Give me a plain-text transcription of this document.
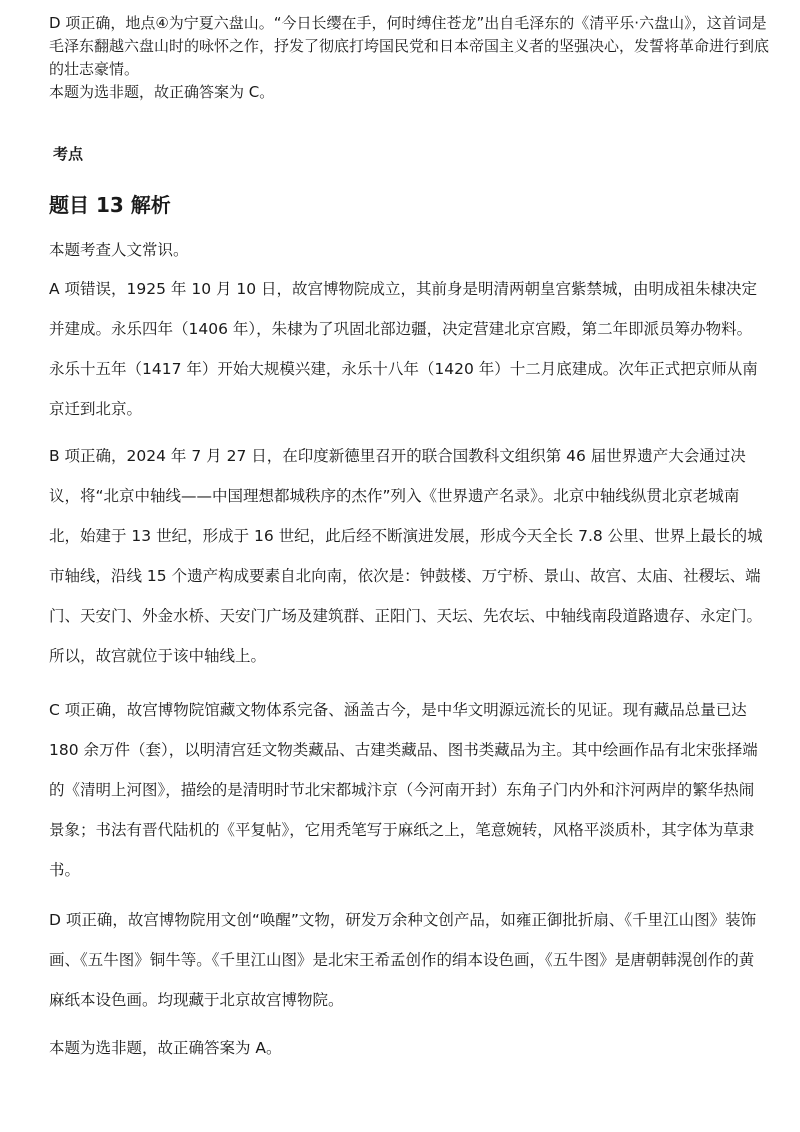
D 项正确，地点④为宁夏六盘山。“今日长缨在手，何时缚住苍龙”出自毛泽东的《清平乐·六盘山》，这首词是毛泽东翻越六盘山时的咏怀之作，抒发了彻底打垮国民党和日本帝国主义者的坚强决心，发誓将革命进行到底的壮志豪情。

本题为选非题，故正确答案为 C。

考点
题目 13 解析

本题考查人文常识。

A 项错误，1925 年 10 月 10 日，故宫博物院成立，其前身是明清两朝皇宫紫禁城，由明成祖朱棣决定并建成。永乐四年（1406 年），朱棣为了巩固北部边疆，决定营建北京宫殿，第二年即派员筹办物料。永乐十五年（1417 年）开始大规模兴建，永乐十八年（1420 年）十二月底建成。次年正式把京师从南京迁到北京。

B 项正确，2024 年 7 月 27 日，在印度新德里召开的联合国教科文组织第 46 届世界遗产大会通过决议，将“北京中轴线——中国理想都城秩序的杰作”列入《世界遗产名录》。北京中轴线纵贯北京老城南北，始建于 13 世纪，形成于 16 世纪，此后经不断演进发展，形成今天全长 7.8 公里、世界上最长的城市轴线，沿线 15 个遗产构成要素自北向南，依次是：钟鼓楼、万宁桥、景山、故宫、太庙、社稷坛、端门、天安门、外金水桥、天安门广场及建筑群、正阳门、天坛、先农坛、中轴线南段道路遗存、永定门。所以，故宫就位于该中轴线上。

C 项正确，故宫博物院馆藏文物体系完备、涵盖古今，是中华文明源远流长的见证。现有藏品总量已达 180 余万件（套），以明清宫廷文物类藏品、古建类藏品、图书类藏品为主。其中绘画作品有北宋张择端的《清明上河图》，描绘的是清明时节北宋都城汴京（今河南开封）东角子门内外和汴河两岸的繁华热闹景象；书法有晋代陆机的《平复帖》，它用秃笔写于麻纸之上，笔意婉转，风格平淡质朴，其字体为草隶书。

D 项正确，故宫博物院用文创“唤醒”文物，研发万余种文创产品，如雍正御批折扇、《千里江山图》装饰画、《五牛图》铜牛等。《千里江山图》是北宋王希孟创作的绢本设色画，《五牛图》是唐朝韩滉创作的黄麻纸本设色画。均现藏于北京故宫博物院。

本题为选非题，故正确答案为 A。
